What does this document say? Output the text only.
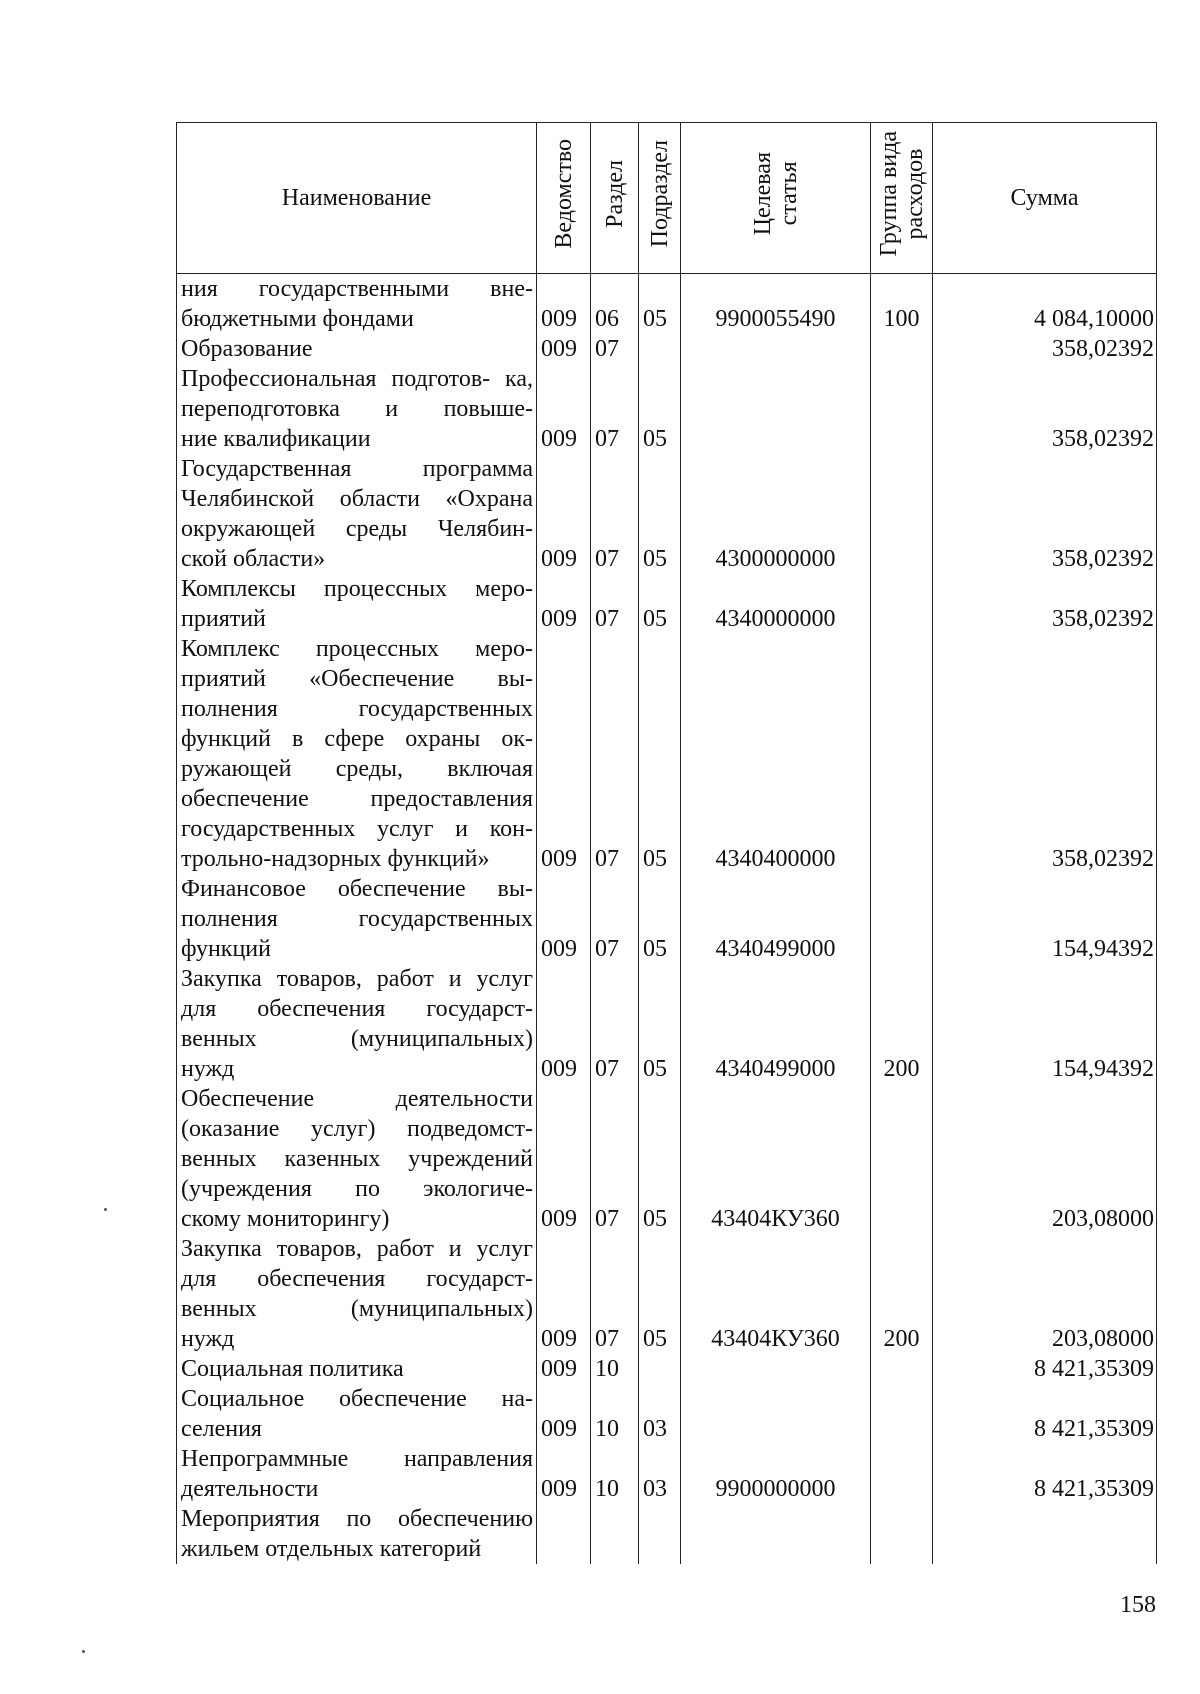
Наименование	Ведомство	Раздел	Подраздел	Целевая
статья	Группа вида
расходов	Сумма
ния государственными вне-
бюджетными фондами	009	06	05	9900055490	100	4 084,10000

Образование	009	07				358,02392
Профессиональная подготов- ка, переподготовка и повыше-
ние квалификации	009	07	05			358,02392
Государственная программа Челябинской области «Охрана окружающей среды Челябин-
ской области»	009	07	05	4300000000		358,02392
Комплексы процессных меро-
приятий	009	07	05	4340000000		358,02392
Комплекс процессных меро- приятий «Обеспечение вы- полнения государственных функций в сфере охраны ок- ружающей среды, включая обеспечение предоставления государственных услуг и кон-
трольно-надзорных функций»	009	07	05	4340400000		358,02392
Финансовое обеспечение вы- полнения государственных
функций	009	07	05	4340499000		154,94392
Закупка товаров, работ и услуг для обеспечения государст- венных (муниципальных)
нужд	009	07	05	4340499000	200	154,94392
Обеспечение деятельности (оказание услуг) подведомст- венных казенных учреждений (учреждения по экологиче-
скому мониторингу)	009	07	05	43404КУ360		203,08000
Закупка товаров, работ и услуг для обеспечения государст- венных (муниципальных)
нужд	009	07	05	43404КУ360	200	203,08000

Социальная политика	009	10				8 421,35309
Социальное обеспечение на-
селения	009	10	03			8 421,35309
Непрограммные направления
деятельности	009	10	03	9900000000		8 421,35309
Мероприятия по обеспечению
жильем отдельных категорий						

158
